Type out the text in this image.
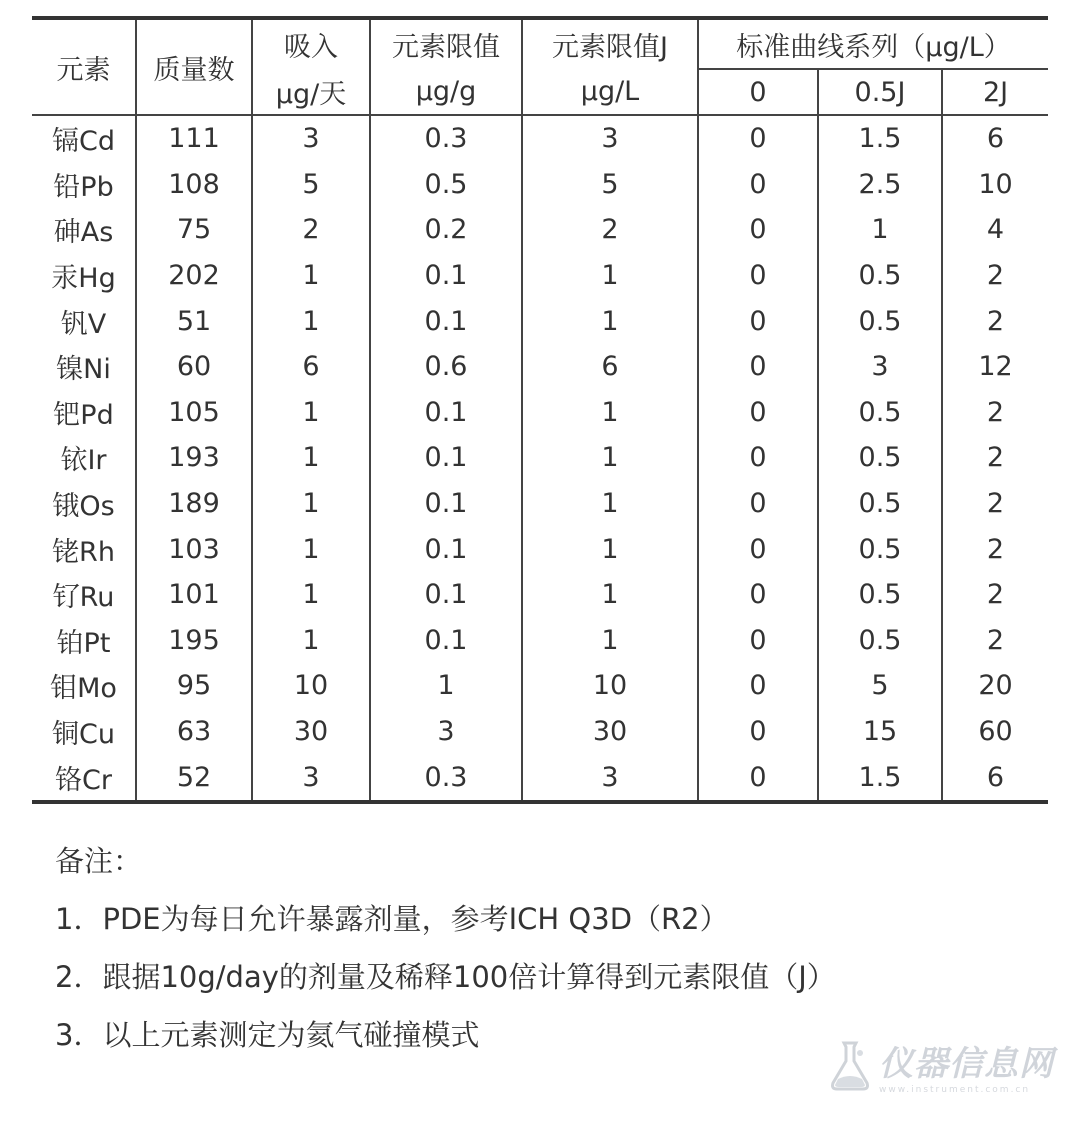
元素	质量数	吸入	元素限值	元素限值J	标准曲线系列（μg/L）		
		μg/天	μg/g	μg/L	0	0.5J	2J
镉Cd	111	3	0.3	3	0	1.5	6
铅Pb	108	5	0.5	5	0	2.5	10
砷As	75	2	0.2	2	0	1	4
汞Hg	202	1	0.1	1	0	0.5	2
钒V	51	1	0.1	1	0	0.5	2
镍Ni	60	6	0.6	6	0	3	12
钯Pd	105	1	0.1	1	0	0.5	2
铱Ir	193	1	0.1	1	0	0.5	2
锇Os	189	1	0.1	1	0	0.5	2
铑Rh	103	1	0.1	1	0	0.5	2
钌Ru	101	1	0.1	1	0	0.5	2
铂Pt	195	1	0.1	1	0	0.5	2
钼Mo	95	10	1	10	0	5	20
铜Cu	63	30	3	30	0	15	60
铬Cr	52	3	0.3	3	0	1.5	6
备注：
1．PDE为每日允许暴露剂量，参考ICH Q3D（R2）
2．跟据10g/day的剂量及稀释100倍计算得到元素限值（J）
3．以上元素测定为氦气碰撞模式
仪器信息网
www.instrument.com.cn
